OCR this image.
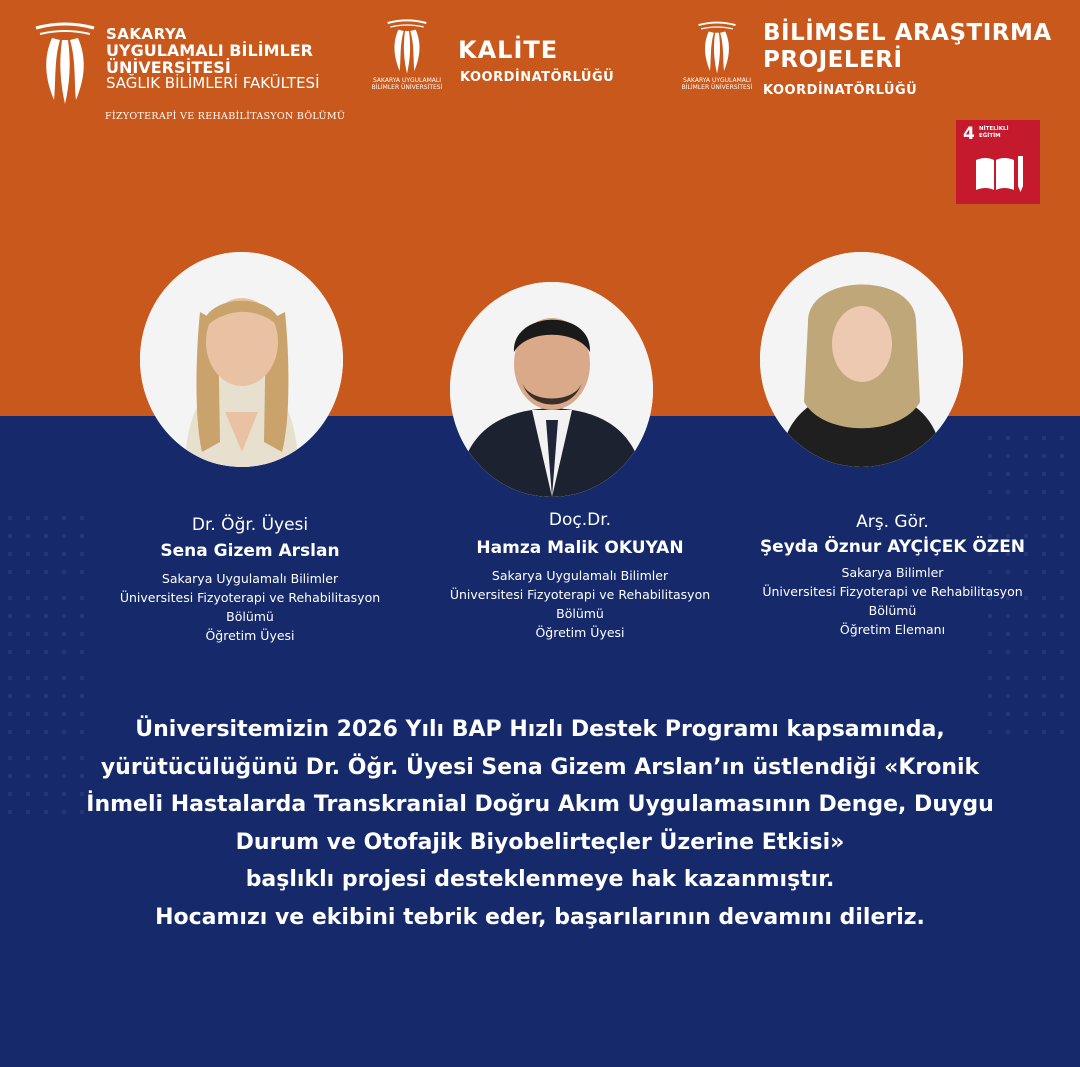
SAKARYA
UYGULAMALI BİLİMLER
ÜNİVERSİTESİ
SAĞLIK BİLİMLERİ FAKÜLTESİ
FİZYOTERAPİ VE REHABİLİTASYON BÖLÜMÜ
SAKARYA UYGULAMALI BİLİMLER ÜNİVERSİTESİ
KALİTE
KOORDİNATÖRLÜĞÜ	SAKARYA UYGULAMALI BİLİMLER ÜNİVERSİTESİ
BİLİMSEL ARAŞTIRMA
PROJELERİ
KOORDİNATÖRLÜĞÜ
4 NİTELİKLİ
EĞİTİM
Dr. Öğr. Üyesi
Sena Gizem Arslan
Sakarya Uygulamalı Bilimler
Üniversitesi Fizyoterapi ve Rehabilitasyon
Bölümü
Öğretim Üyesi
Doç.Dr.
Hamza Malik OKUYAN
Sakarya Uygulamalı Bilimler
Üniversitesi Fizyoterapi ve Rehabilitasyon
Bölümü
Öğretim Üyesi
Arş. Gör.
Şeyda Öznur AYÇİÇEK ÖZEN
Sakarya Bilimler
Üniversitesi Fizyoterapi ve Rehabilitasyon
Bölümü
Öğretim Elemanı
Üniversitemizin 2026 Yılı BAP Hızlı Destek Programı kapsamında,
yürütücülüğünü Dr. Öğr. Üyesi Sena Gizem Arslan’ın üstlendiği «Kronik
İnmeli Hastalarda Transkranial Doğru Akım Uygulamasının Denge, Duygu
Durum ve Otofajik Biyobelirteçler Üzerine Etkisi»
başlıklı projesi desteklenmeye hak kazanmıştır.
Hocamızı ve ekibini tebrik eder, başarılarının devamını dileriz.
